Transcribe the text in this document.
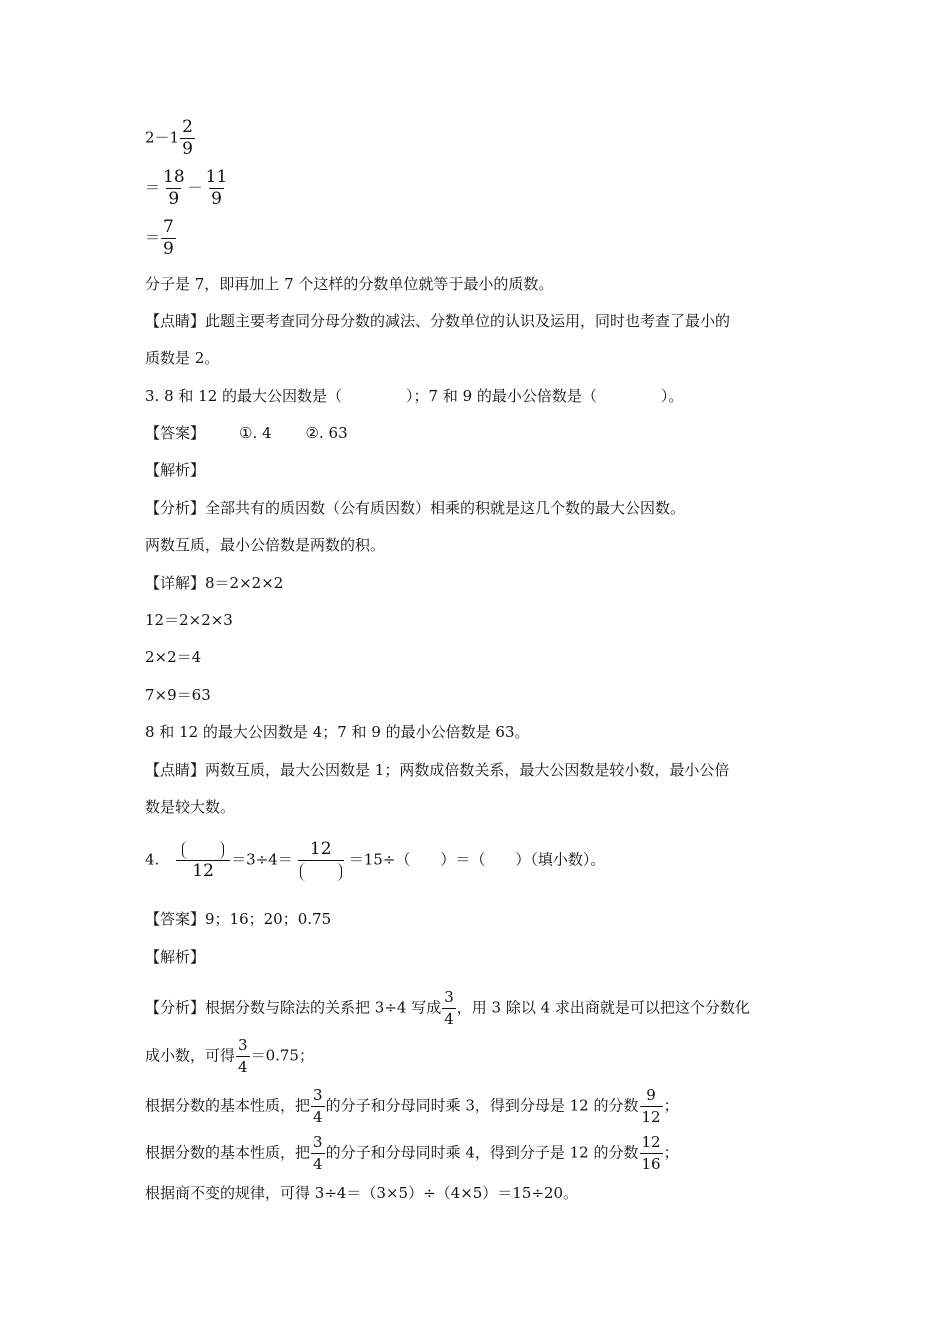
$2-1 \frac{2}{9}$
＝ $\frac{18}{9} - \frac{11}{9}$
＝ $\frac{7}{9}$
分子是 7，即再加上 7 个这样的分数单位就等于最小的质数。
【点睛】此题主要考查同分母分数的减法、分数单位的认识及运用，同时也考查了最小的
质数是 2。
3. 8 和 12 的最大公因数是（	）；7 和 9 的最小公倍数是（	）。
【答案】 ①. 4 ②. 63
【解析】
【分析】全部共有的质因数（公有质因数）相乘的积就是这几个数的最大公因数。
两数互质，最小公倍数是两数的积。
【详解】8＝2×2×2
12＝2×2×3
2×2＝4
7×9＝63
8 和 12 的最大公因数是 4；7 和 9 的最小公倍数是 63。
【点睛】两数互质，最大公因数是 1；两数成倍数关系，最大公因数是较小数，最小公倍
数是较大数。
4.
12
＝3÷4＝
12
＝15÷（　　）＝（　　）（填小数）。
【答案】9；16；20；0.75
【解析】
【分析】根据分数与除法的关系把 3÷4 写成 $\frac{3}{4}$ ，用 3 除以 4 求出商就是可以把这个分数化
成小数，可得 $\frac{3}{4} =0.75$；
根据分数的基本性质，把 $\frac{3}{4}$ 的分子和分母同时乘 3，得到分母是 12 的分数 $\frac{9}{12}$ ；
根据分数的基本性质，把 $\frac{3}{4}$ 的分子和分母同时乘 4，得到分子是 12 的分数 $\frac{12}{16}$ ；
根据商不变的规律，可得 3÷4＝（3×5）÷（4×5）＝15÷20。
